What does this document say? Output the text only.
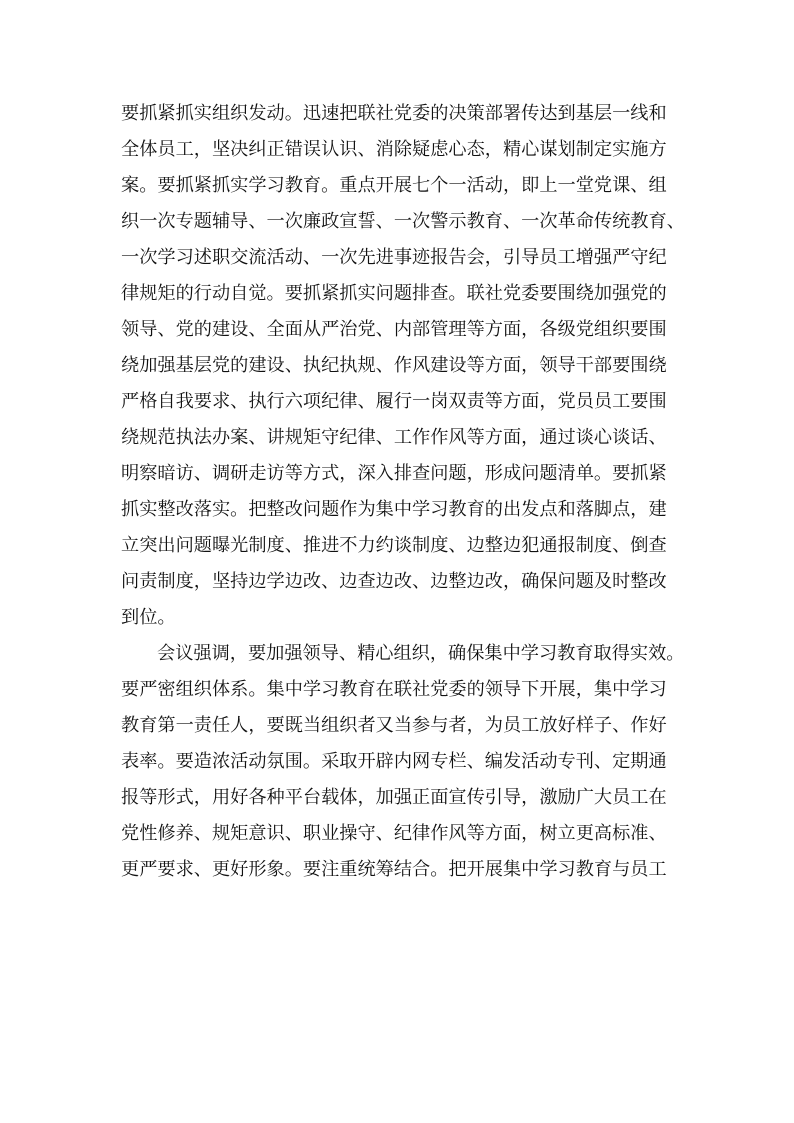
要抓紧抓实组织发动。迅速把联社党委的决策部署传达到基层一线和
全体员工，坚决纠正错误认识、消除疑虑心态，精心谋划制定实施方
案。要抓紧抓实学习教育。重点开展七个一活动，即上一堂党课、组
织一次专题辅导、一次廉政宣誓、一次警示教育、一次革命传统教育、
一次学习述职交流活动、一次先进事迹报告会，引导员工增强严守纪
律规矩的行动自觉。要抓紧抓实问题排查。联社党委要围绕加强党的
领导、党的建设、全面从严治党、内部管理等方面，各级党组织要围
绕加强基层党的建设、执纪执规、作风建设等方面，领导干部要围绕
严格自我要求、执行六项纪律、履行一岗双责等方面，党员员工要围
绕规范执法办案、讲规矩守纪律、工作作风等方面，通过谈心谈话、
明察暗访、调研走访等方式，深入排查问题，形成问题清单。要抓紧
抓实整改落实。把整改问题作为集中学习教育的出发点和落脚点，建
立突出问题曝光制度、推进不力约谈制度、边整边犯通报制度、倒查
问责制度，坚持边学边改、边查边改、边整边改，确保问题及时整改
到位。
会议强调，要加强领导、精心组织，确保集中学习教育取得实效。
要严密组织体系。集中学习教育在联社党委的领导下开展，集中学习
教育第一责任人，要既当组织者又当参与者，为员工放好样子、作好
表率。要造浓活动氛围。采取开辟内网专栏、编发活动专刊、定期通
报等形式，用好各种平台载体，加强正面宣传引导，激励广大员工在
党性修养、规矩意识、职业操守、纪律作风等方面，树立更高标准、
更严要求、更好形象。要注重统筹结合。把开展集中学习教育与员工
